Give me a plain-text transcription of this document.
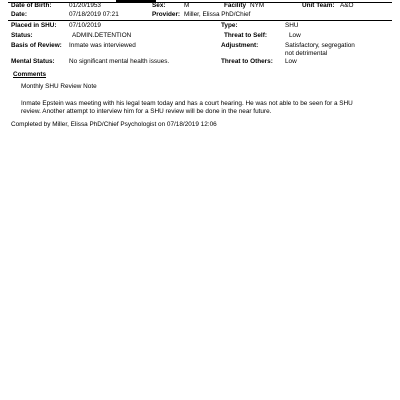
Date of Birth:	01/20/1953	Sex:	M	Facility NYM	Unit Team: A&O
Date:	07/18/2019 07:21	Provider: Miller, Elissa PhD/Chief
Placed in SHU: 07/10/2019	Type:	SHU
Status:	ADMIN.DETENTION	Threat to Self:	Low
Basis of Review: Inmate was interviewed	Adjustment:	Satisfactory, segregation
not detrimental
Mental Status: No significant mental health issues.	Threat to Others: Low
Comments
Monthly SHU Review Note
Inmate Epstein was meeting with his legal team today and has a court hearing. He was not able to be seen for a SHU
review. Another attempt to interview him for a SHU review will be done in the near future.
Completed by Miller, Elissa PhD/Chief Psychologist on 07/18/2019 12:06
